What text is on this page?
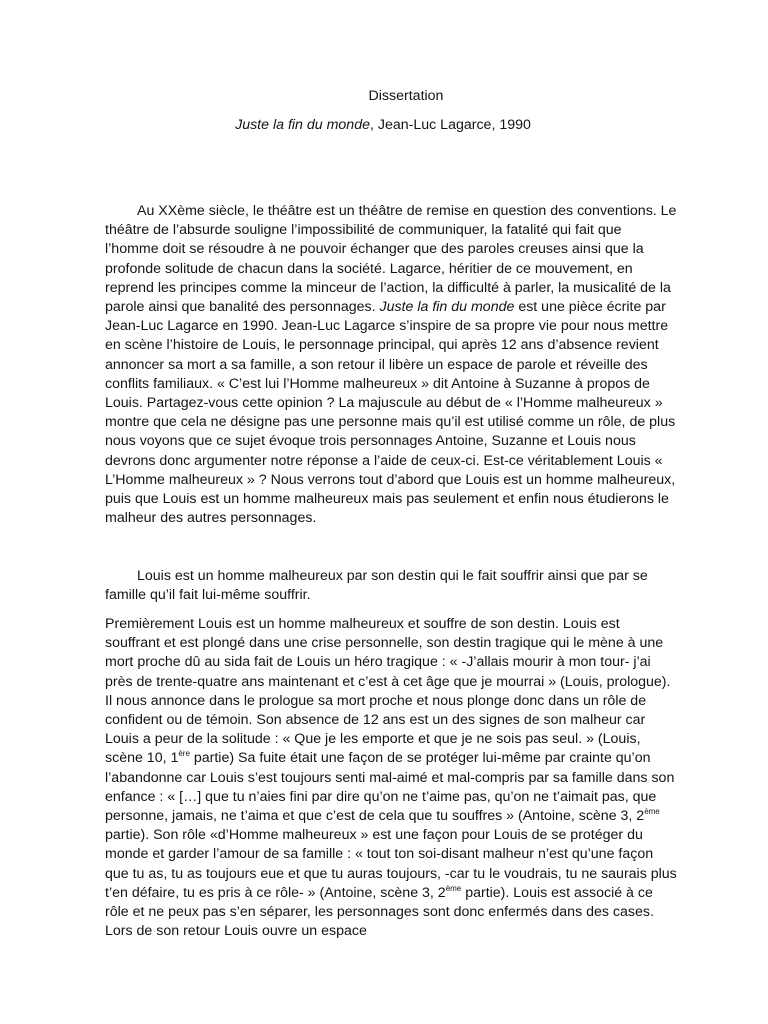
Dissertation
Juste la fin du monde, Jean-Luc Lagarce, 1990

Au XXème siècle, le théâtre est un théâtre de remise en question des conventions. Le théâtre de l’absurde souligne l’impossibilité de communiquer, la fatalité qui fait que l’homme doit se résoudre à ne pouvoir échanger que des paroles creuses ainsi que la profonde solitude de chacun dans la société. Lagarce, héritier de ce mouvement, en reprend les principes comme la minceur de l’action, la difficulté à parler, la musicalité de la parole ainsi que banalité des personnages. Juste la fin du monde est une pièce écrite par Jean-Luc Lagarce en 1990. Jean-Luc Lagarce s’inspire de sa propre vie pour nous mettre en scène l’histoire de Louis, le personnage principal, qui après 12 ans d’absence revient annoncer sa mort a sa famille, a son retour il libère un espace de parole et réveille des conflits familiaux. « C’est lui l’Homme malheureux » dit Antoine à Suzanne à propos de Louis. Partagez-vous cette opinion ? La majuscule au début de « l’Homme malheureux » montre que cela ne désigne pas une personne mais qu’il est utilisé comme un rôle, de plus nous voyons que ce sujet évoque trois personnages Antoine, Suzanne et Louis nous devrons donc argumenter notre réponse a l’aide de ceux-ci. Est-ce véritablement Louis « L’Homme malheureux » ? Nous verrons tout d’abord que Louis est un homme malheureux, puis que Louis est un homme malheureux mais pas seulement et enfin nous étudierons le malheur des autres personnages.

Louis est un homme malheureux par son destin qui le fait souffrir ainsi que par se famille qu’il fait lui-même souffrir.

Premièrement Louis est un homme malheureux et souffre de son destin. Louis est souffrant et est plongé dans une crise personnelle, son destin tragique qui le mène à une mort proche dû au sida fait de Louis un héro tragique : « -J’allais mourir à mon tour- j’ai près de trente-quatre ans maintenant et c’est à cet âge que je mourrai » (Louis, prologue). Il nous annonce dans le prologue sa mort proche et nous plonge donc dans un rôle de confident ou de témoin. Son absence de 12 ans est un des signes de son malheur car Louis a peur de la solitude : « Que je les emporte et que je ne sois pas seul. » (Louis, scène 10, 1ère partie) Sa fuite était une façon de se protéger lui-même par crainte qu’on l’abandonne car Louis s’est toujours senti mal-aimé et mal-compris par sa famille dans son enfance : « […] que tu n’aies fini par dire qu’on ne t’aime pas, qu’on ne t’aimait pas, que personne, jamais, ne t’aima et que c’est de cela que tu souffres » (Antoine, scène 3, 2ème partie). Son rôle «d’Homme malheureux » est une façon pour Louis de se protéger du monde et garder l’amour de sa famille : « tout ton soi-disant malheur n’est qu’une façon que tu as, tu as toujours eue et que tu auras toujours, -car tu le voudrais, tu ne saurais plus t’en défaire, tu es pris à ce rôle- » (Antoine, scène 3, 2ème partie). Louis est associé à ce rôle et ne peux pas s’en séparer, les personnages sont donc enfermés dans des cases. Lors de son retour Louis ouvre un espace
